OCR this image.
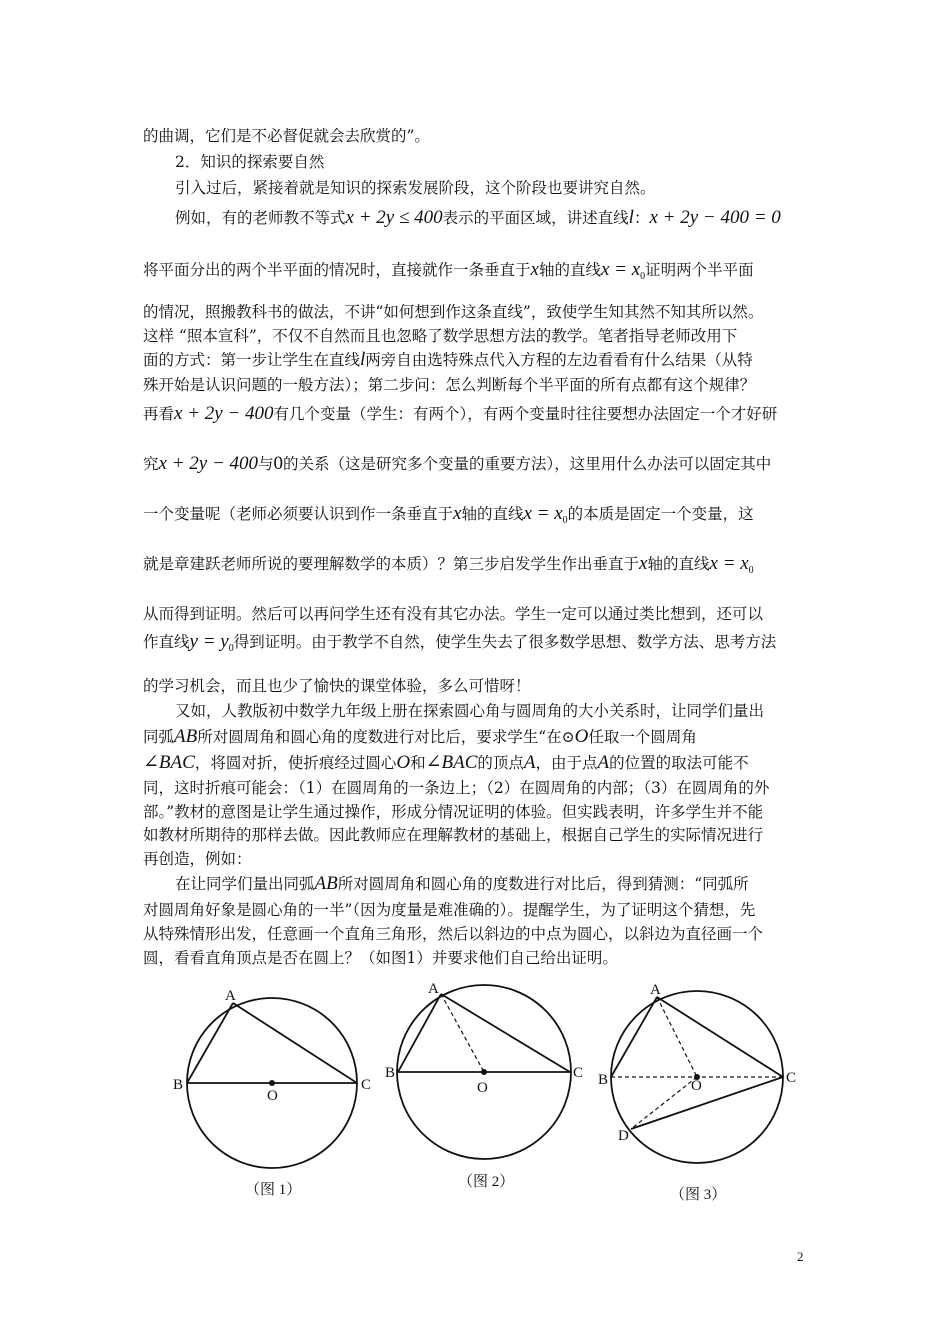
的曲调，它们是不必督促就会去欣赏的”。
2．知识的探索要自然
引入过后，紧接着就是知识的探索发展阶段，这个阶段也要讲究自然。
例如，有的老师教不等式x + 2y ≤ 400表示的平面区域，讲述直线l：x + 2y − 400 = 0
将平面分出的两个半平面的情况时，直接就作一条垂直于x轴的直线$x = x_0$证明两个半平面
的情况，照搬教科书的做法，不讲“如何想到作这条直线”，致使学生知其然不知其所以然。
这样 “照本宣科”，不仅不自然而且也忽略了数学思想方法的教学。笔者指导老师改用下
面的方式：第一步让学生在直线l两旁自由选特殊点代入方程的左边看看有什么结果（从特
殊开始是认识问题的一般方法）；第二步问：怎么判断每个半平面的所有点都有这个规律？
再看x + 2y − 400有几个变量（学生：有两个），有两个变量时往往要想办法固定一个才好研
究x + 2y − 400与0的关系（这是研究多个变量的重要方法），这里用什么办法可以固定其中
一个变量呢（老师必须要认识到作一条垂直于x轴的直线$x = x_0$的本质是固定一个变量，这
就是章建跃老师所说的要理解数学的本质）？第三步启发学生作出垂直于x轴的直线$x = x_0$
从而得到证明。然后可以再问学生还有没有其它办法。学生一定可以通过类比想到，还可以
作直线$y = y_0$得到证明。由于教学不自然，使学生失去了很多数学思想、数学方法、思考方法
的学习机会，而且也少了愉快的课堂体验，多么可惜呀！
又如，人教版初中数学九年级上册在探索圆心角与圆周角的大小关系时，让同学们量出
同弧AB所对圆周角和圆心角的度数进行对比后，要求学生“在⊙O任取一个圆周角
∠BAC，将圆对折，使折痕经过圆心O和∠BAC的顶点A，由于点A的位置的取法可能不
同，这时折痕可能会：（1）在圆周角的一条边上；（2）在圆周角的内部；（3）在圆周角的外
部。”教材的意图是让学生通过操作，形成分情况证明的体验。但实践表明，许多学生并不能
如教材所期待的那样去做。因此教师应在理解教材的基础上，根据自己学生的实际情况进行
再创造，例如：
在让同学们量出同弧AB所对圆周角和圆心角的度数进行对比后，得到猜测：“同弧所
对圆周角好象是圆心角的一半”（因为度量是难准确的）。提醒学生，为了证明这个猜想，先
从特殊情形出发，任意画一个直角三角形，然后以斜边的中点为圆心，以斜边为直径画一个
圆，看看直角顶点是否在圆上？（如图1）并要求他们自己给出证明。
A
B	C
O
（图 1）
A
B	C
O
（图 2）
A
B	C
O
D
（图 3）
2
